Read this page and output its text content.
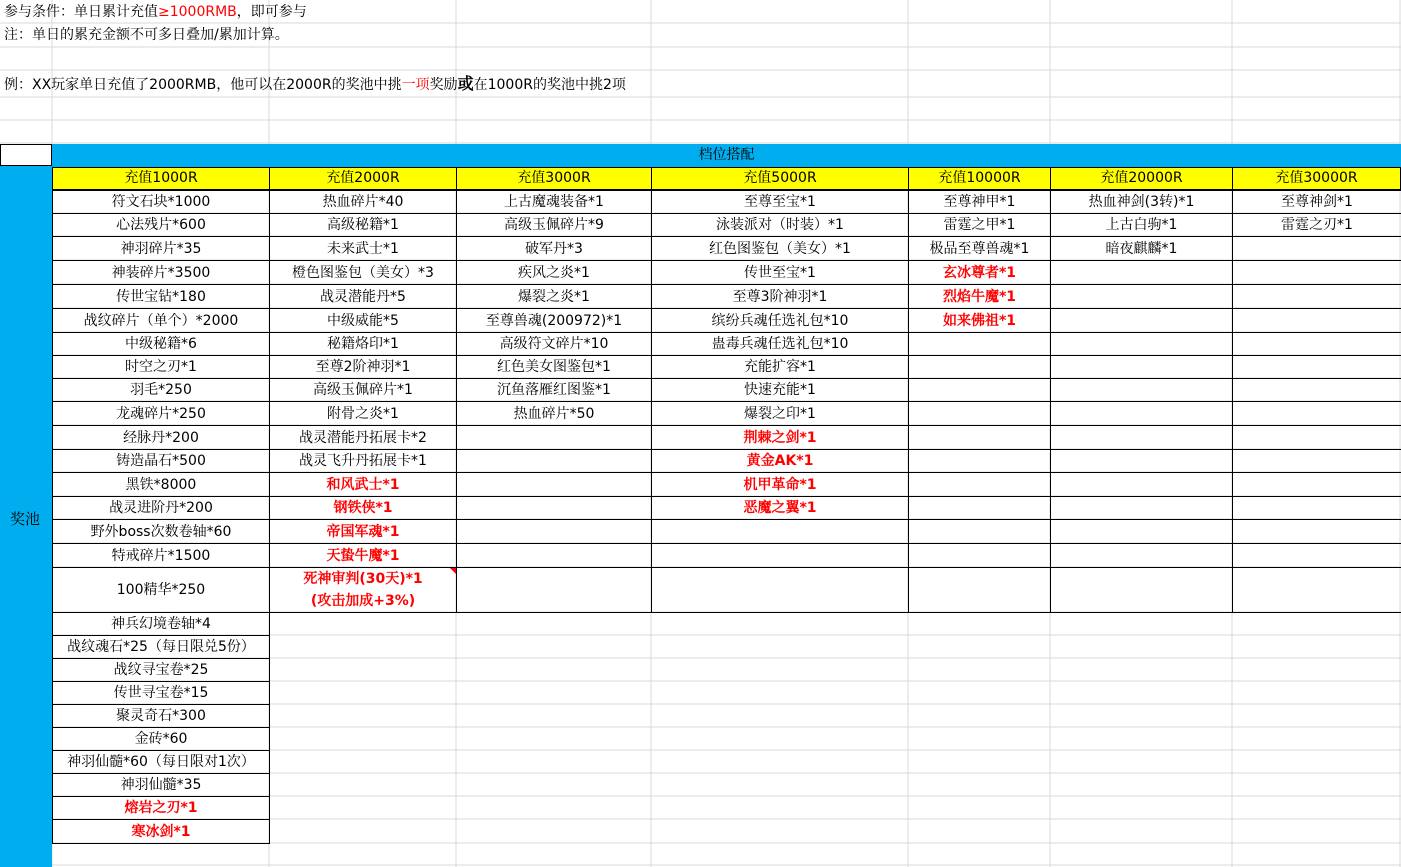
参与条件：单日累计充值≥1000RMB，即可参与
注：单日的累充金额不可多日叠加/累加计算。
例：XX玩家单日充值了2000RMB，他可以在2000R的奖池中挑一项奖励或在1000R的奖池中挑2项
档位搭配
奖池
充值1000R	充值2000R	充值3000R	充值5000R	充值10000R	充值20000R	充值30000R
符文石块*1000	热血碎片*40	上古魔魂装备*1	至尊至宝*1	至尊神甲*1	热血神剑(3转)*1	至尊神剑*1
心法残片*600	高级秘籍*1	高级玉佩碎片*9	泳装派对（时装）*1	雷霆之甲*1	上古白驹*1	雷霆之刃*1
神羽碎片*35	未来武士*1	破军丹*3	红色图鉴包（美女）*1	极品至尊兽魂*1	暗夜麒麟*1	
神装碎片*3500	橙色图鉴包（美女）*3	疾风之炎*1	传世至宝*1	玄冰尊者*1		
传世宝钻*180	战灵潜能丹*5	爆裂之炎*1	至尊3阶神羽*1	烈焰牛魔*1		
战纹碎片（单个）*2000	中级威能*5	至尊兽魂(200972)*1	缤纷兵魂任选礼包*10	如来佛祖*1		
中级秘籍*6	秘籍烙印*1	高级符文碎片*10	蛊毒兵魂任选礼包*10			
时空之刃*1	至尊2阶神羽*1	红色美女图鉴包*1	充能扩容*1			
羽毛*250	高级玉佩碎片*1	沉鱼落雁红图鉴*1	快速充能*1			
龙魂碎片*250	附骨之炎*1	热血碎片*50	爆裂之印*1			
经脉丹*200	战灵潜能丹拓展卡*2		荆棘之剑*1			
铸造晶石*500	战灵飞升丹拓展卡*1		黄金AK*1			
黑铁*8000	和风武士*1		机甲革命*1			
战灵进阶丹*200	钢铁侠*1		恶魔之翼*1			
野外boss次数卷轴*60	帝国军魂*1					
特戒碎片*1500	天蛰牛魔*1					
100精华*250	死神审判(30天)*1
(攻击加成+3%)					

神兵幻境卷轴*4						
战纹魂石*25（每日限兑5份）						
战纹寻宝卷*25						
传世寻宝卷*15						
聚灵奇石*300						
金砖*60						
神羽仙髓*60（每日限对1次）						
神羽仙髓*35						
熔岩之刃*1						
寒冰剑*1						
